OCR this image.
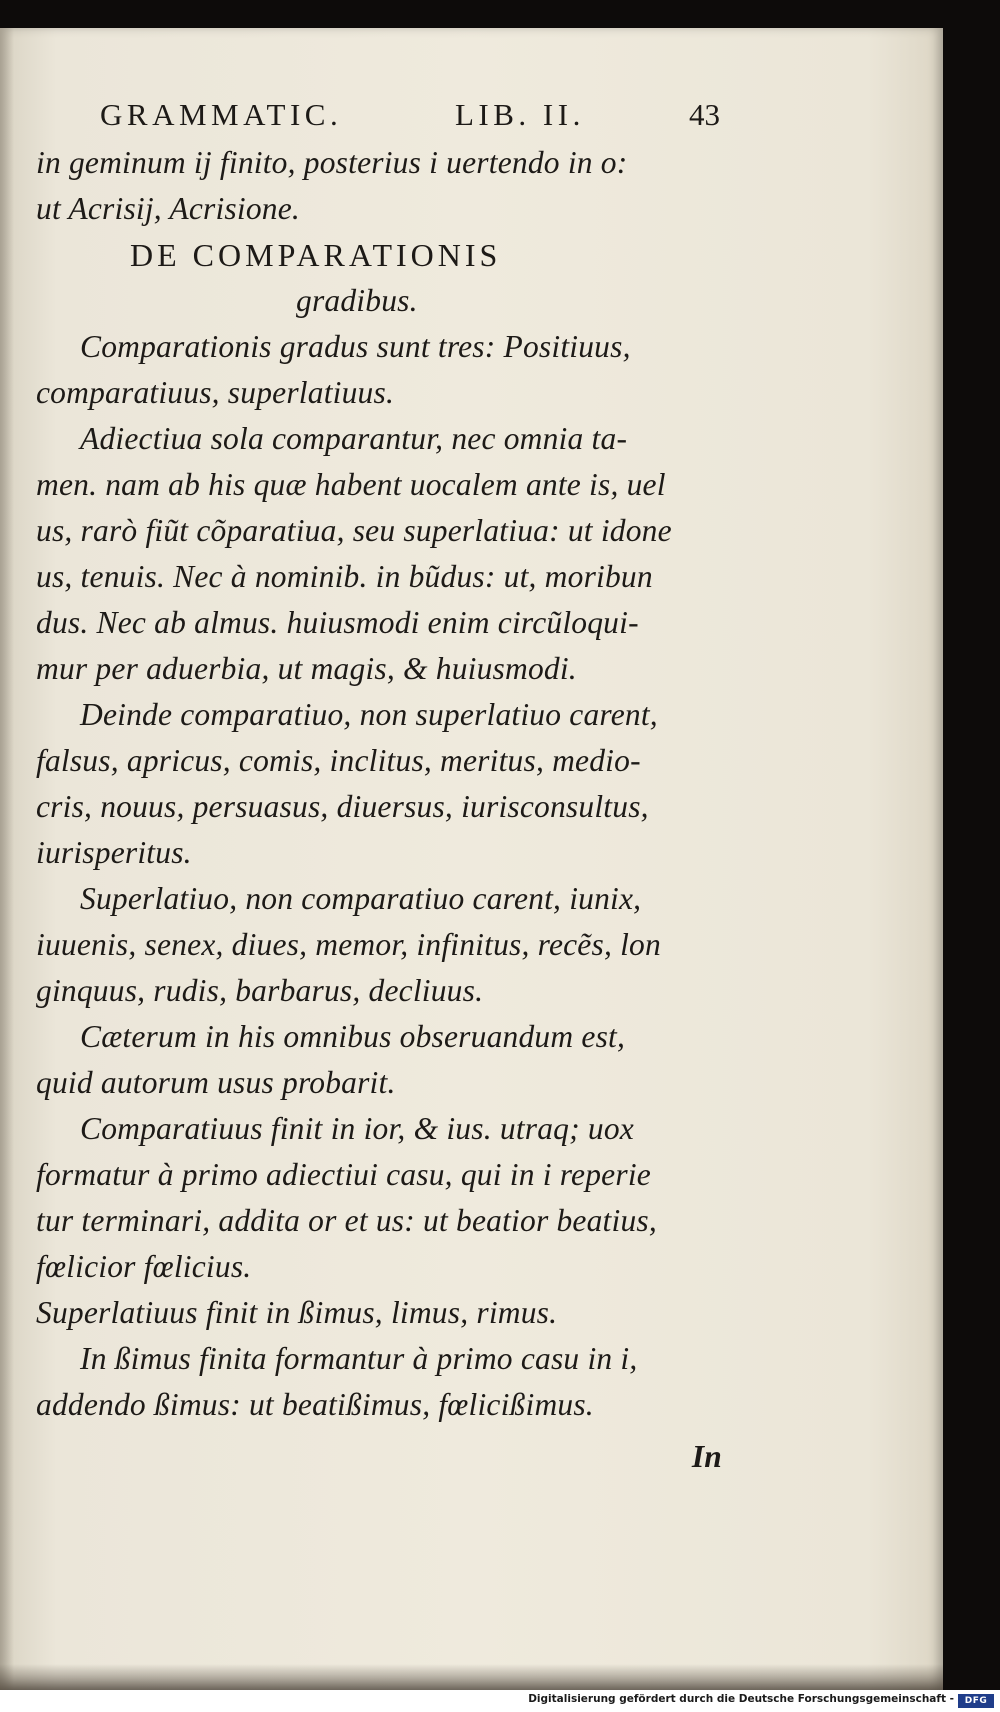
GRAMMATIC.	LIB. II.	43
in geminum ij finito, posterius i uertendo in o:
ut Acrisij, Acrisione.
DE COMPARATIONIS
gradibus.
Comparationis gradus sunt tres: Positiuus,
comparatiuus, superlatiuus.
Adiectiua sola comparantur, nec omnia ta-
men. nam ab his quæ habent uocalem ante is, uel
us, rarò fiũt cõparatiua, seu superlatiua: ut idone
us, tenuis. Nec à nominib. in bũdus: ut, moribun
dus. Nec ab almus. huiusmodi enim circũloqui-
mur per aduerbia, ut magis, & huiusmodi.
Deinde comparatiuo, non superlatiuo carent,
falsus, apricus, comis, inclitus, meritus, medio-
cris, nouus, persuasus, diuersus, iurisconsultus,
iurisperitus.
Superlatiuo, non comparatiuo carent, iunix,
iuuenis, senex, diues, memor, infinitus, recẽs, lon
ginquus, rudis, barbarus, decliuus.
Cæterum in his omnibus obseruandum est,
quid autorum usus probarit.
Comparatiuus finit in ior, & ius. utraq; uox
formatur à primo adiectiui casu, qui in i reperie
tur terminari, addita or et us: ut beatior beatius,
fœlicior fœlicius.
Superlatiuus finit in ßimus, limus, rimus.
In ßimus finita formantur à primo casu in i,
addendo ßimus: ut beatißimus, fœlicißimus.
In
Digitalisierung gefördert durch die Deutsche Forschungsgemeinschaft -	DFG
